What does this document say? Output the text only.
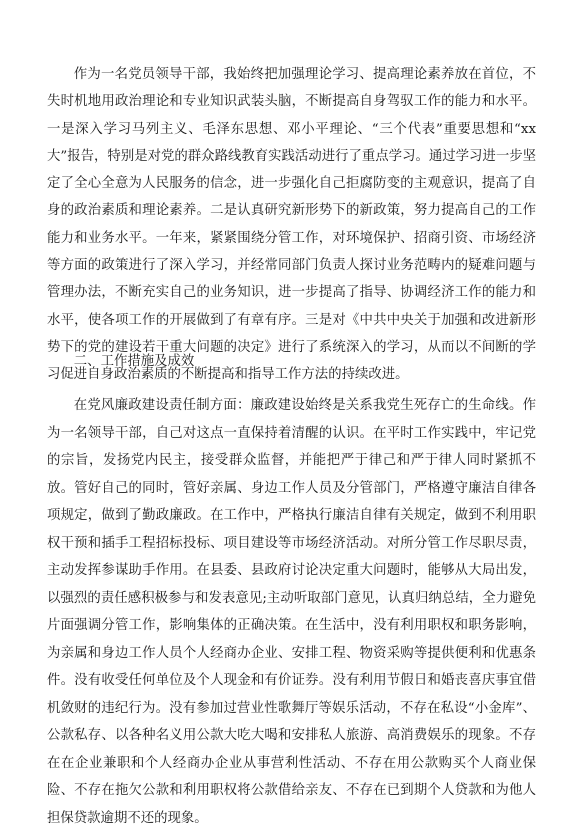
作为一名党员领导干部，我始终把加强理论学习、提高理论素养放在首位，不失时机地用政治理论和专业知识武装头脑，不断提高自身驾驭工作的能力和水平。一是深入学习马列主义、毛泽东思想、邓小平理论、“三个代表”重要思想和“xx大”报告，特别是对党的群众路线教育实践活动进行了重点学习。通过学习进一步坚定了全心全意为人民服务的信念，进一步强化自己拒腐防变的主观意识，提高了自身的政治素质和理论素养。二是认真研究新形势下的新政策，努力提高自己的工作能力和业务水平。一年来，紧紧围绕分管工作，对环境保护、招商引资、市场经济等方面的政策进行了深入学习，并经常同部门负责人探讨业务范畴内的疑难问题与管理办法，不断充实自己的业务知识，进一步提高了指导、协调经济工作的能力和水平，使各项工作的开展做到了有章有序。三是对《中共中央关于加强和改进新形势下的党的建设若干重大问题的决定》进行了系统深入的学习，从而以不间断的学习促进自身政治素质的不断提高和指导工作方法的持续改进。

二、工作措施及成效

在党风廉政建设责任制方面：廉政建设始终是关系我党生死存亡的生命线。作为一名领导干部，自己对这点一直保持着清醒的认识。在平时工作实践中，牢记党的宗旨，发扬党内民主，接受群众监督，并能把严于律己和严于律人同时紧抓不放。管好自己的同时，管好亲属、身边工作人员及分管部门，严格遵守廉洁自律各项规定，做到了勤政廉政。在工作中，严格执行廉洁自律有关规定，做到不利用职权干预和插手工程招标投标、项目建设等市场经济活动。对所分管工作尽职尽责，主动发挥参谋助手作用。在县委、县政府讨论决定重大问题时，能够从大局出发，以强烈的责任感积极参与和发表意见;主动听取部门意见，认真归纳总结，全力避免片面强调分管工作，影响集体的正确决策。在生活中，没有利用职权和职务影响，为亲属和身边工作人员个人经商办企业、安排工程、物资采购等提供便利和优惠条件。没有收受任何单位及个人现金和有价证券。没有利用节假日和婚丧喜庆事宜借机敛财的违纪行为。没有参加过营业性歌舞厅等娱乐活动，不存在私设“小金库”、公款私存、以各种名义用公款大吃大喝和安排私人旅游、高消费娱乐的现象。不存在在企业兼职和个人经商办企业从事营利性活动、不存在用公款购买个人商业保险、不存在拖欠公款和利用职权将公款借给亲友、不存在已到期个人贷款和为他人担保贷款逾期不还的现象。
